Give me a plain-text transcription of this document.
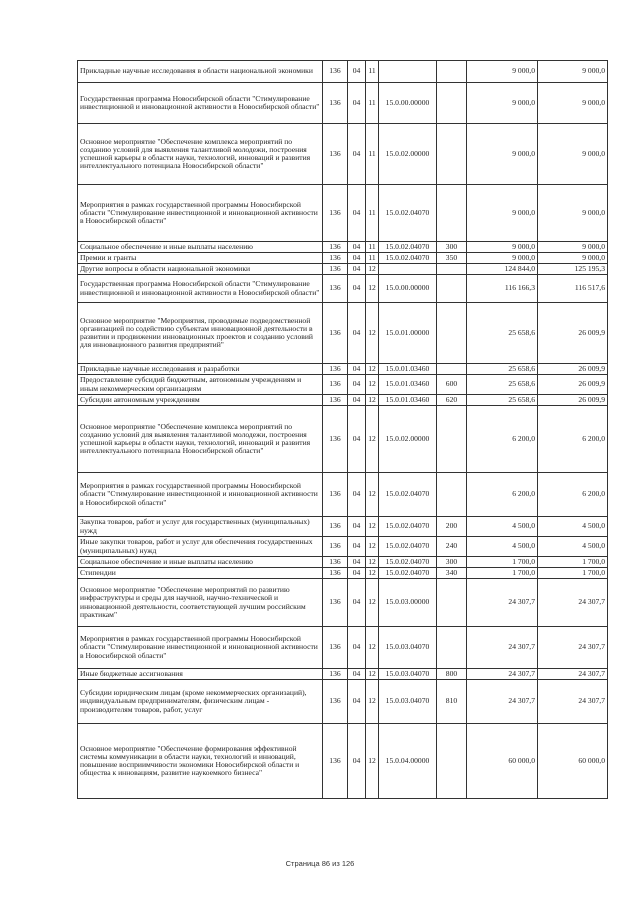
Прикладные научные исследования в области национальной экономики	136	04	11			9 000,0	9 000,0
Государственная программа Новосибирской области "Стимулирование инвестиционной и инновационной активности в Новосибирской области"	136	04	11	15.0.00.00000		9 000,0	9 000,0
Основное мероприятие "Обеспечение комплекса мероприятий по созданию условий для выявления талантливой молодежи, построения успешной карьеры в области науки, технологий, инноваций и развития интеллектуального потенциала Новосибирской области"	136	04	11	15.0.02.00000		9 000,0	9 000,0
Мероприятия в рамках государственной программы Новосибирской области "Стимулирование инвестиционной и инновационной активности в Новосибирской области"	136	04	11	15.0.02.04070		9 000,0	9 000,0
Социальное обеспечение и иные выплаты населению	136	04	11	15.0.02.04070	300	9 000,0	9 000,0
Премии и гранты	136	04	11	15.0.02.04070	350	9 000,0	9 000,0
Другие вопросы в области национальной экономики	136	04	12			124 844,0	125 195,3
Государственная программа Новосибирской области "Стимулирование инвестиционной и инновационной активности в Новосибирской области"	136	04	12	15.0.00.00000		116 166,3	116 517,6
Основное мероприятие "Мероприятия, проводимые подведомственной организацией по содействию субъектам инновационной деятельности в развитии и продвижении инновационных проектов и созданию условий для инновационного развития предприятий"	136	04	12	15.0.01.00000		25 658,6	26 009,9
Прикладные научные исследования и разработки	136	04	12	15.0.01.03460		25 658,6	26 009,9
Предоставление субсидий бюджетным, автономным учреждениям и иным некоммерческим организациям	136	04	12	15.0.01.03460	600	25 658,6	26 009,9
Субсидии автономным учреждениям	136	04	12	15.0.01.03460	620	25 658,6	26 009,9
Основное мероприятие "Обеспечение комплекса мероприятий по созданию условий для выявления талантливой молодежи, построения успешной карьеры в области науки, технологий, инноваций и развития интеллектуального потенциала Новосибирской области"	136	04	12	15.0.02.00000		6 200,0	6 200,0
Мероприятия в рамках государственной программы Новосибирской области "Стимулирование инвестиционной и инновационной активности в Новосибирской области"	136	04	12	15.0.02.04070		6 200,0	6 200,0
Закупка товаров, работ и услуг для государственных (муниципальных) нужд	136	04	12	15.0.02.04070	200	4 500,0	4 500,0
Иные закупки товаров, работ и услуг для обеспечения государственных (муниципальных) нужд	136	04	12	15.0.02.04070	240	4 500,0	4 500,0
Социальное обеспечение и иные выплаты населению	136	04	12	15.0.02.04070	300	1 700,0	1 700,0
Стипендии	136	04	12	15.0.02.04070	340	1 700,0	1 700,0
Основное мероприятие "Обеспечение мероприятий по развитию инфраструктуры и среды для научной, научно-технической и инновационной деятельности, соответствующей лучшим российским практикам"	136	04	12	15.0.03.00000		24 307,7	24 307,7
Мероприятия в рамках государственной программы Новосибирской области "Стимулирование инвестиционной и инновационной активности в Новосибирской области"	136	04	12	15.0.03.04070		24 307,7	24 307,7
Иные бюджетные ассигнования	136	04	12	15.0.03.04070	800	24 307,7	24 307,7
Субсидии юридическим лицам (кроме некоммерческих организаций), индивидуальным предпринимателям, физическим лицам - производителям товаров, работ, услуг	136	04	12	15.0.03.04070	810	24 307,7	24 307,7
Основное мероприятие "Обеспечение формирования эффективной системы коммуникации в области науки, технологий и инноваций, повышение восприимчивости экономики Новосибирской области и общества к инновациям, развитие наукоемкого бизнеса"	136	04	12	15.0.04.00000		60 000,0	60 000,0
Страница 86 из 126
